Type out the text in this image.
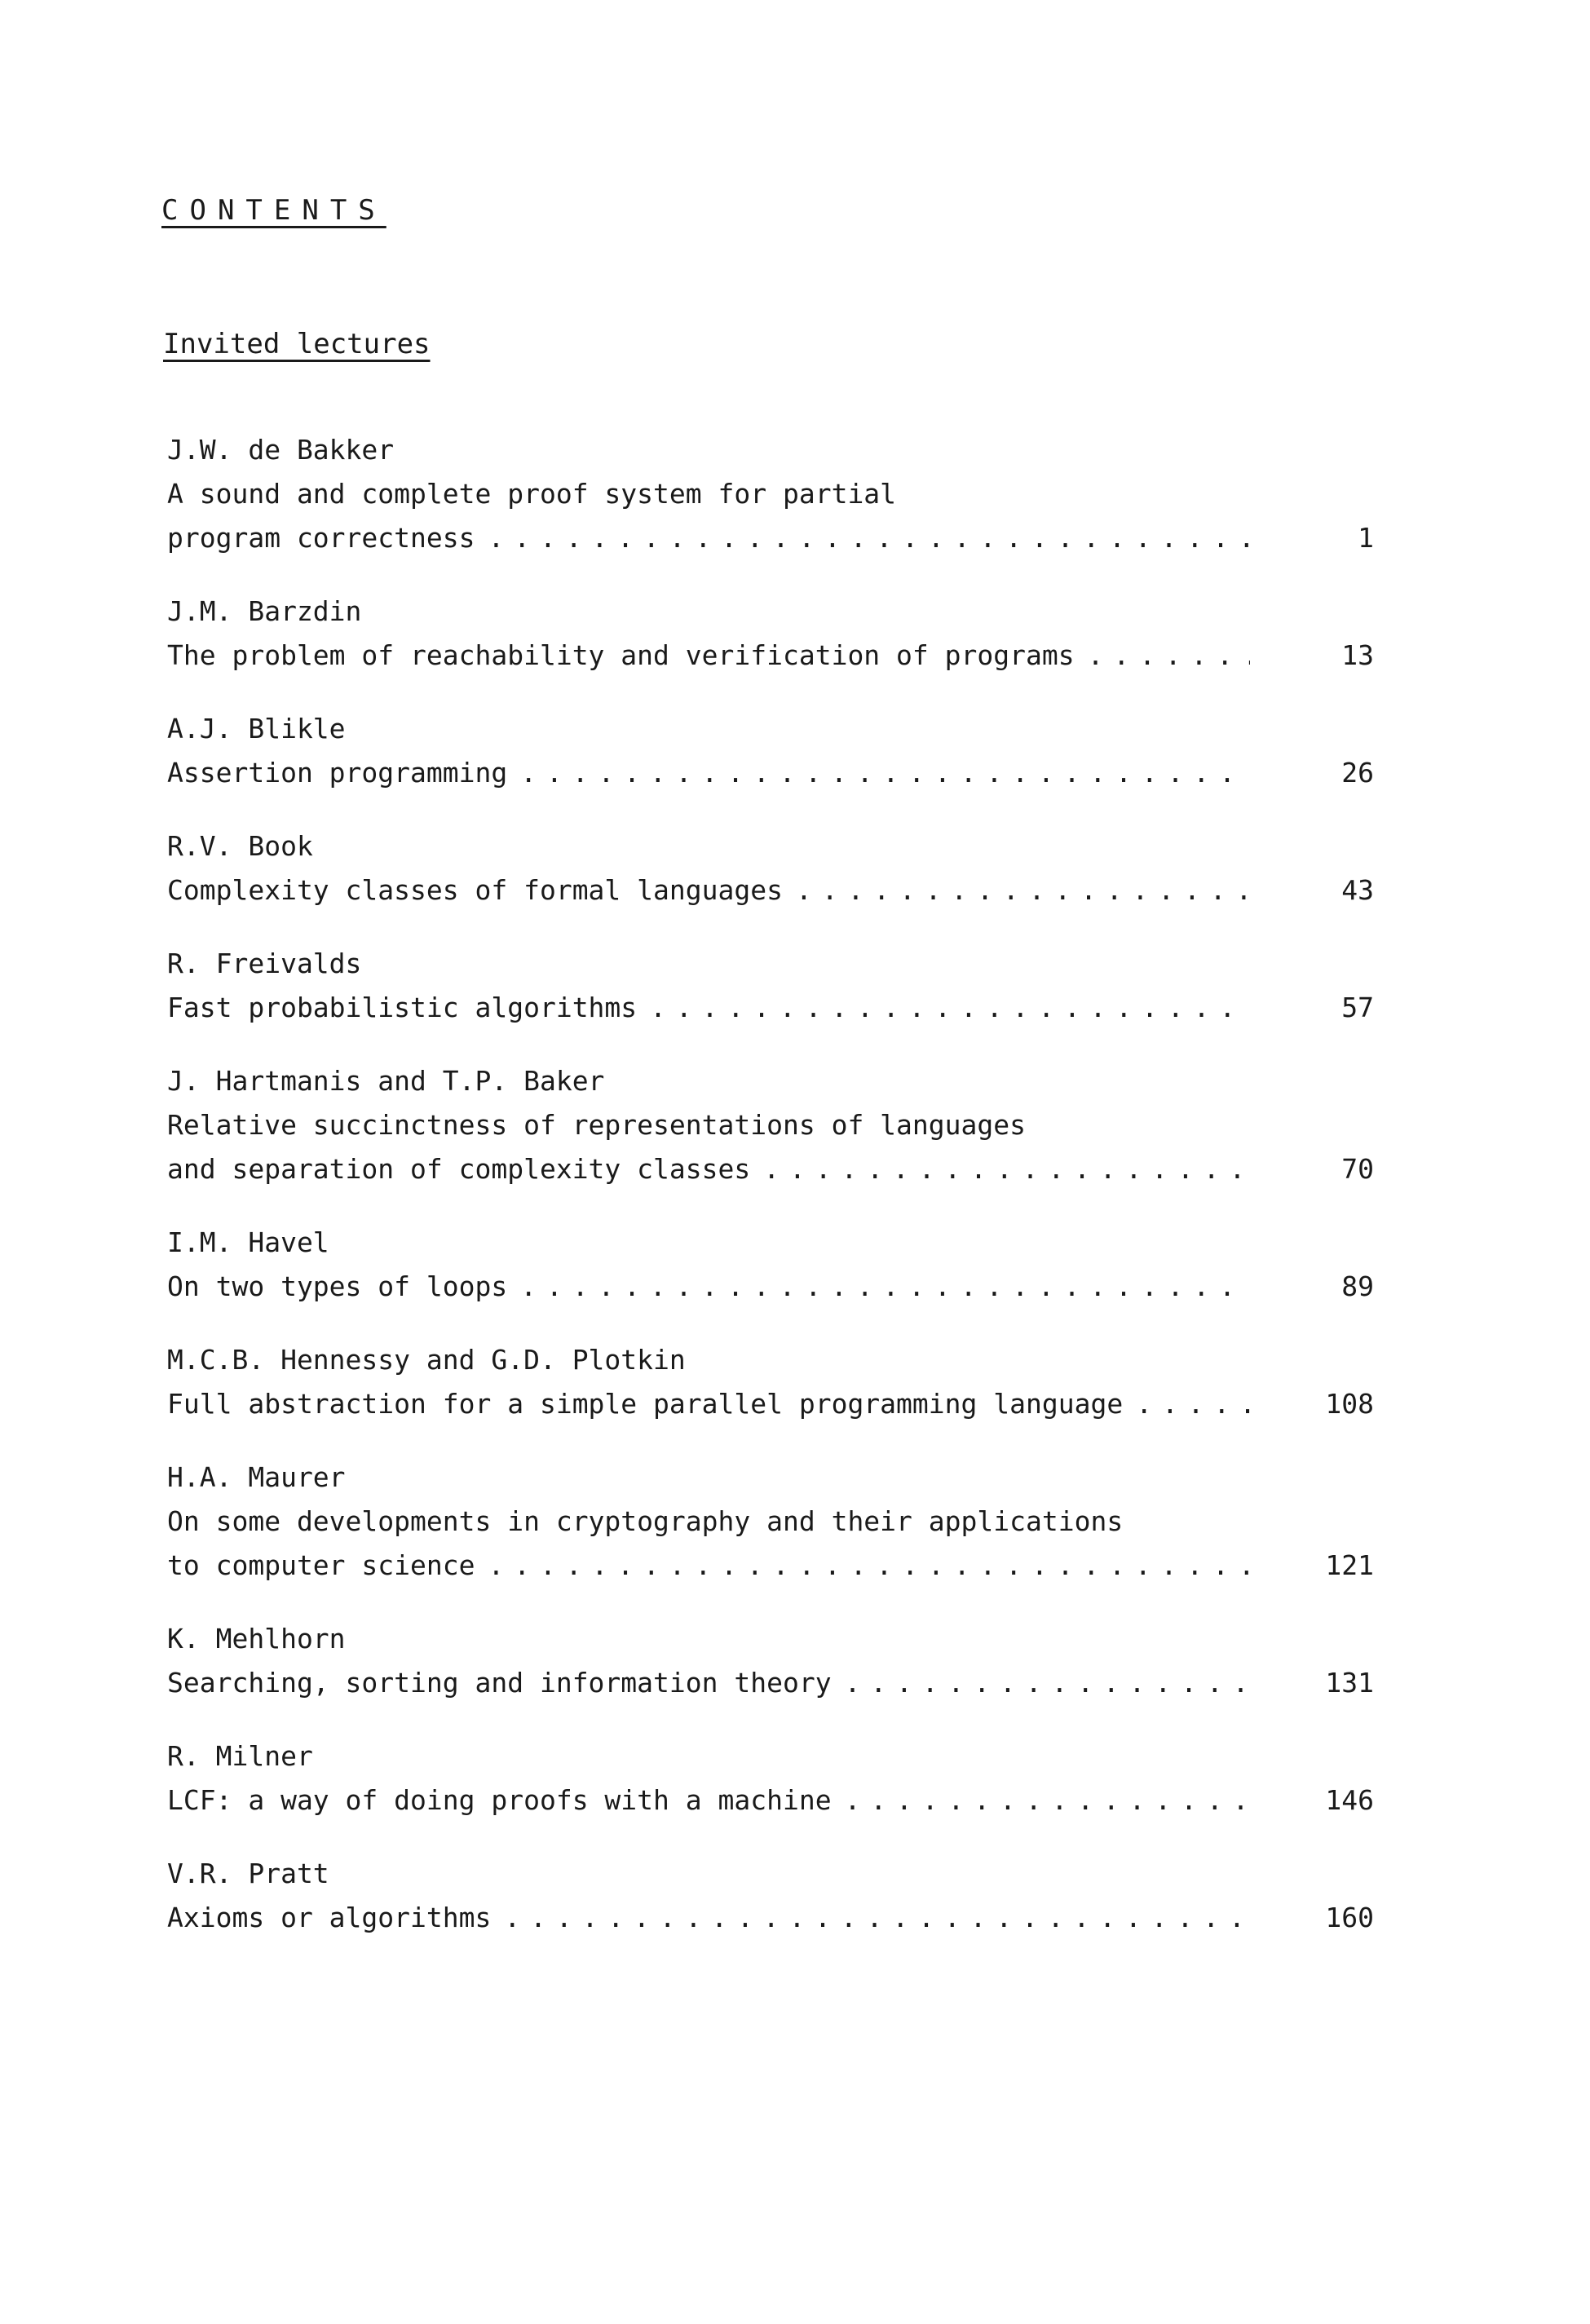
CONTENTS
Invited lectures
J.W. de Bakker
A sound and complete proof system for partial
program correctness . . .	1
J.M. Barzdin
The problem of reachability and verification of programs . . .	13
A.J. Blikle
Assertion programming . . .	26
R.V. Book
Complexity classes of formal languages . . .	43
R. Freivalds
Fast probabilistic algorithms . . .	57
J. Hartmanis and T.P. Baker
Relative succinctness of representations of languages
and separation of complexity classes . . .	70
I.M. Havel
On two types of loops . . .	89
M.C.B. Hennessy and G.D. Plotkin
Full abstraction for a simple parallel programming language . . .	108
H.A. Maurer
On some developments in cryptography and their applications
to computer science . . .	121
K. Mehlhorn
Searching, sorting and information theory . . .	131
R. Milner
LCF: a way of doing proofs with a machine . . .	146
V.R. Pratt
Axioms or algorithms . . .	160
